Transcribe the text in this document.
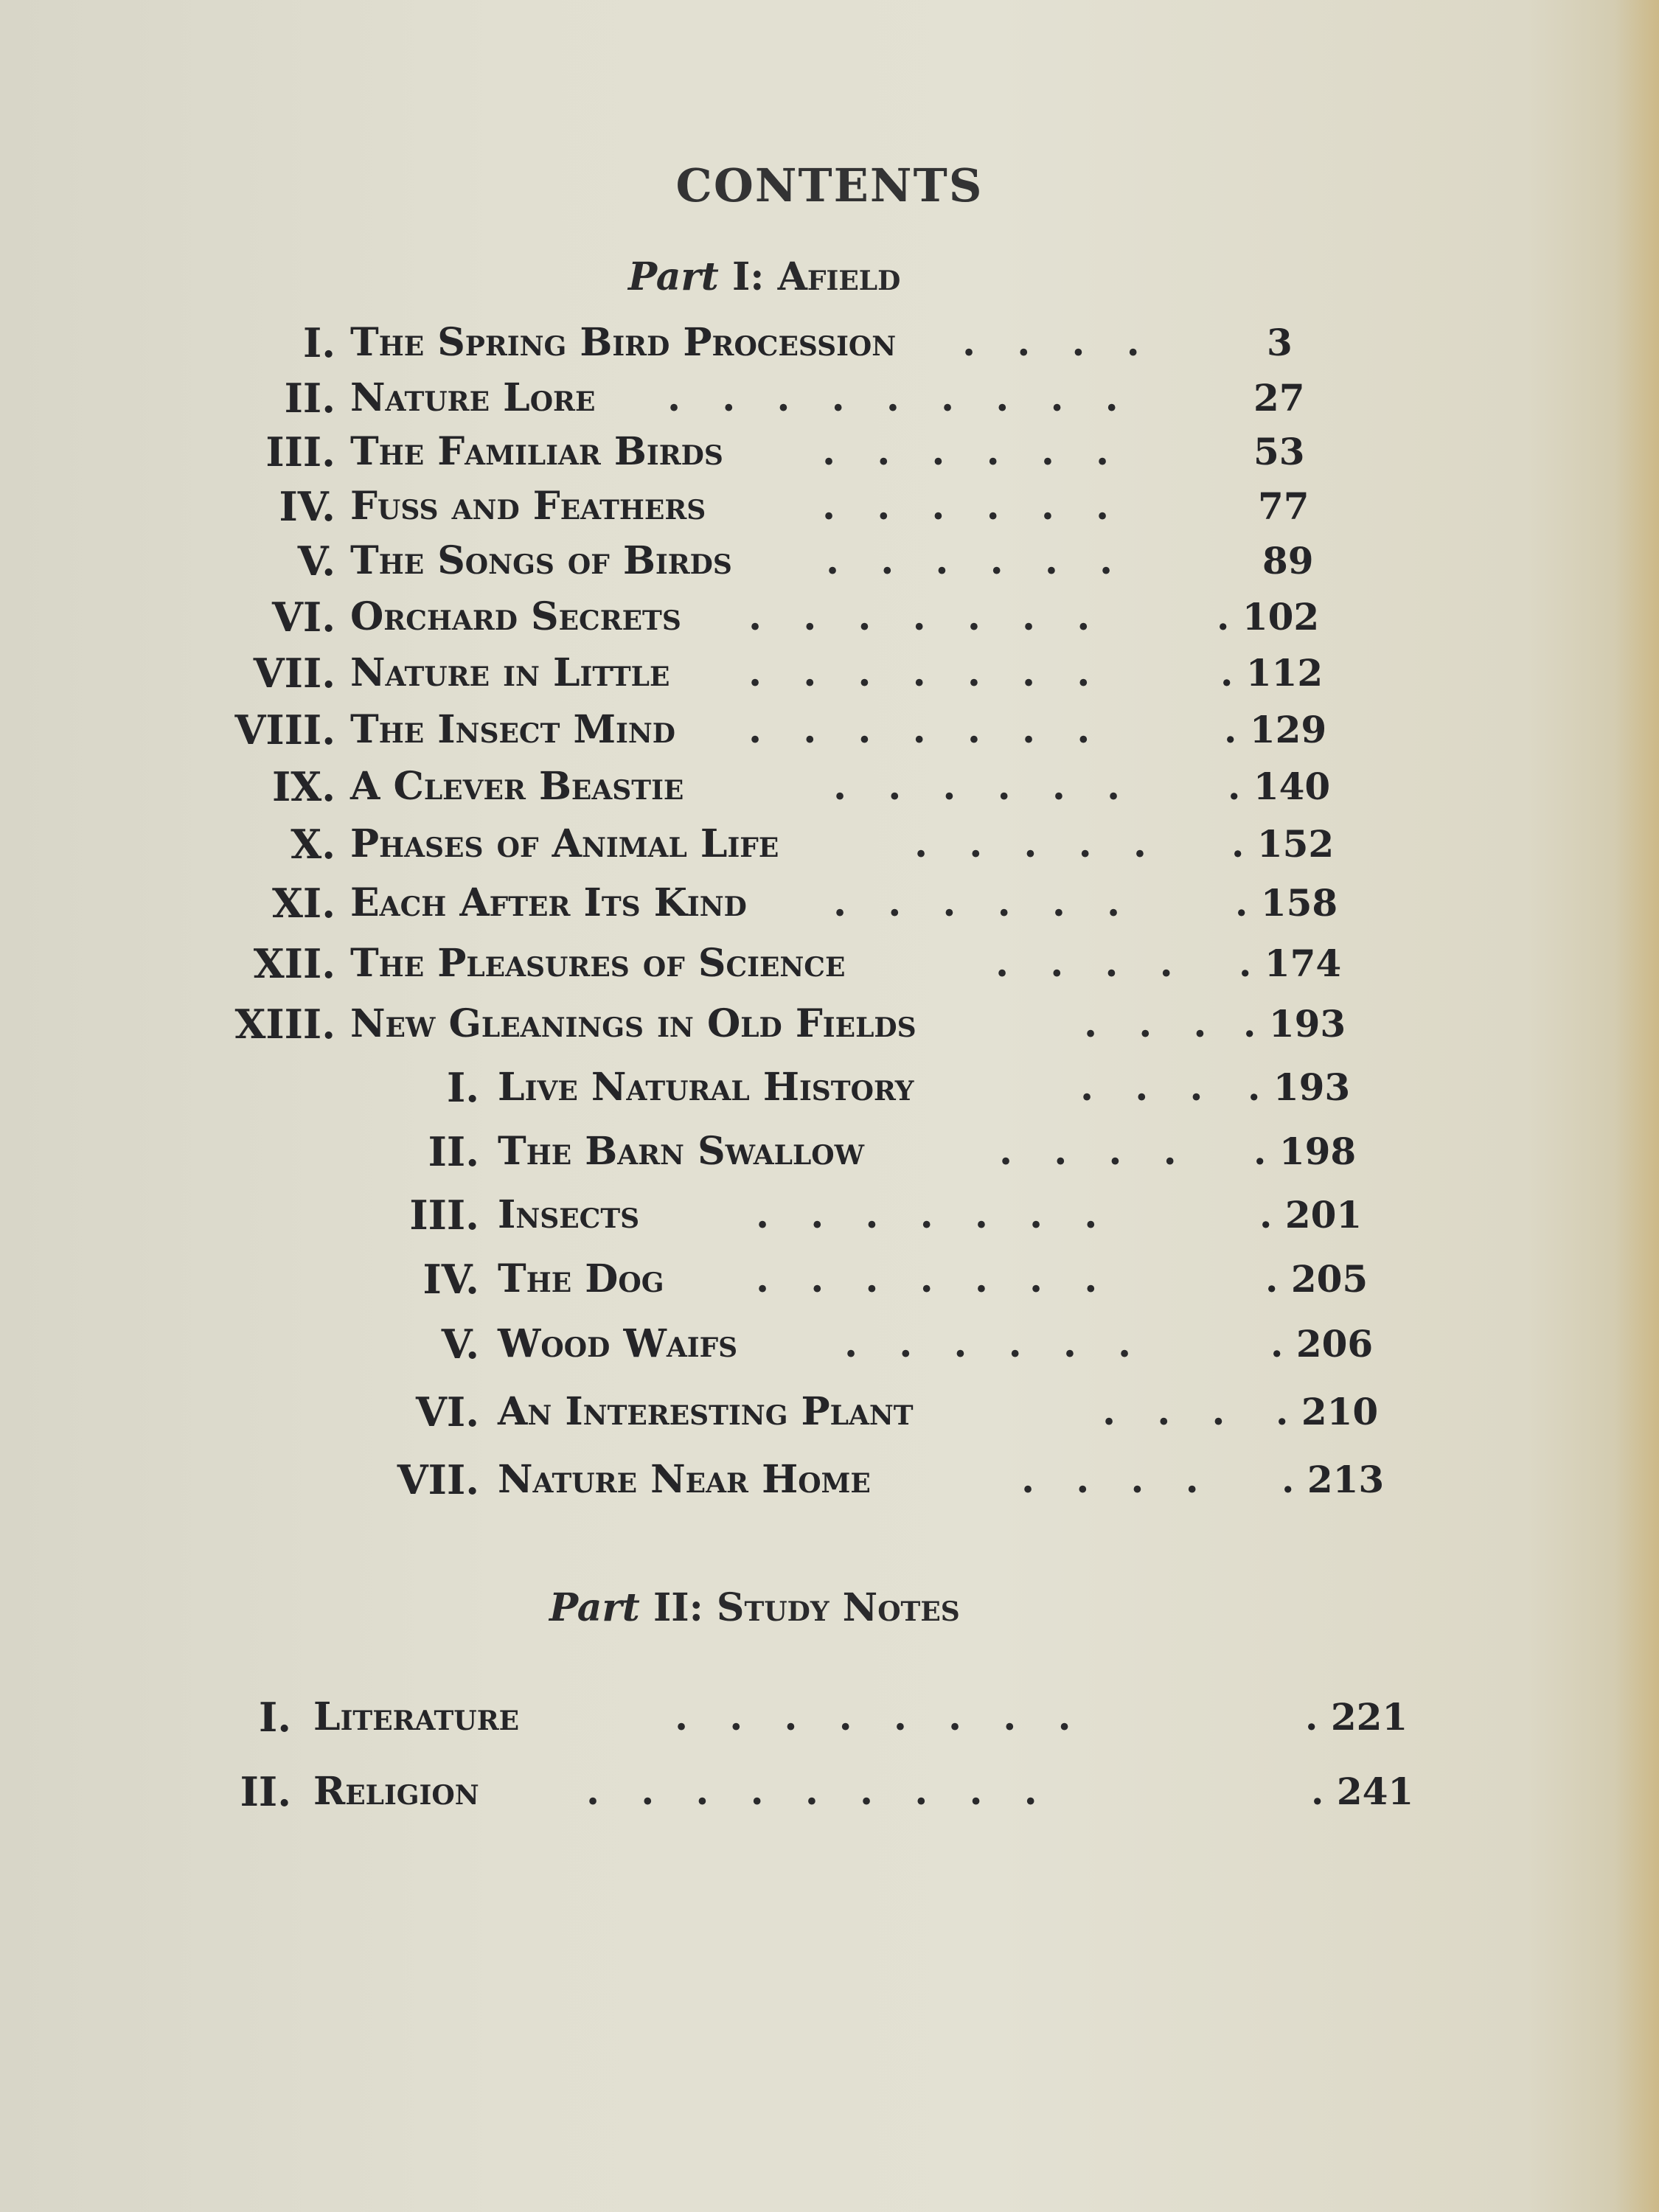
CONTENTS
Part I: Afield
I. The Spring Bird Procession . . . .	3
II. Nature Lore . . . . . . . . .	27
III. The Familiar Birds	. . . . . .	53
IV. Fuss and Feathers	. . . . . .	77
V. The Songs of Birds . . . . . .	89
VI. Orchard Secrets . . . . . . .	. 102
VII. Nature in Little . . . . . . .	. 112
VIII. The Insect Mind . . . . . . .	. 129
IX. A Clever Beastie	. . . . . .	. 140
X. Phases of Animal Life	. . . . . . 152
XI. Each After Its Kind . . . . . .	. 158
XII. The Pleasures of Science	. . . . . 174
XIII. New Gleanings in Old Fields	. . . . 193
I. Live Natural History	. . . . 193
II. The Barn Swallow	. . . . . 198
III. Insects	. . . . . . .	. 201
IV. The Dog . . . . . . .	. 205
V. Wood Waifs	. . . . . .	. 206
VI. An Interesting Plant	. . . . 210
VII. Nature Near Home	. . . . . 213
Part II: Study Notes
I. Literature	. . . . . . . .	. 221
II. Religion	. . . . . . . . .	. 241
